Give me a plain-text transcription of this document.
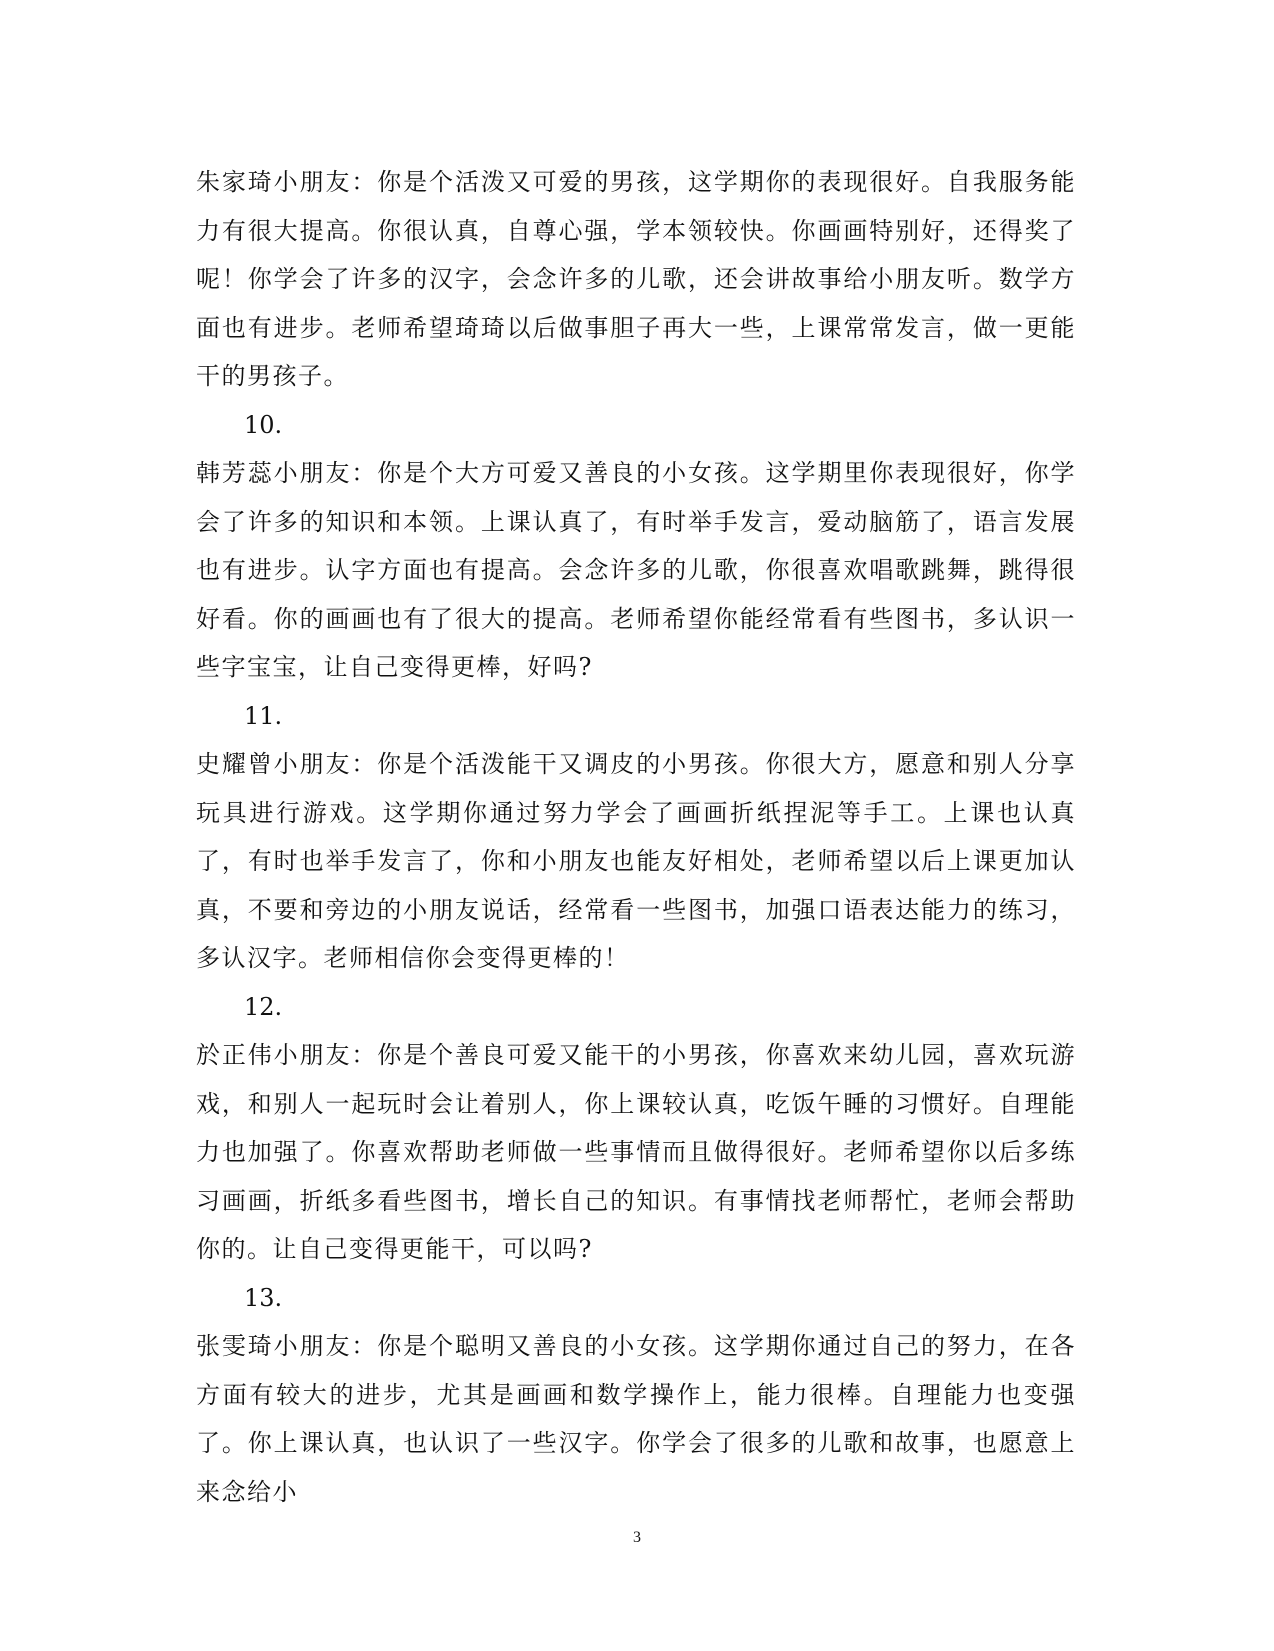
朱家琦小朋友：你是个活泼又可爱的男孩，这学期你的表现很好。自我服务能力有很大提高。你很认真，自尊心强，学本领较快。你画画特别好，还得奖了呢！你学会了许多的汉字，会念许多的儿歌，还会讲故事给小朋友听。数学方面也有进步。老师希望琦琦以后做事胆子再大一些，上课常常发言，做一更能干的男孩子。

10.

韩芳蕊小朋友：你是个大方可爱又善良的小女孩。这学期里你表现很好，你学会了许多的知识和本领。上课认真了，有时举手发言，爱动脑筋了，语言发展也有进步。认字方面也有提高。会念许多的儿歌，你很喜欢唱歌跳舞，跳得很好看。你的画画也有了很大的提高。老师希望你能经常看有些图书，多认识一些字宝宝，让自己变得更棒，好吗?

11.

史耀曾小朋友：你是个活泼能干又调皮的小男孩。你很大方，愿意和别人分享玩具进行游戏。这学期你通过努力学会了画画折纸捏泥等手工。上课也认真了，有时也举手发言了，你和小朋友也能友好相处，老师希望以后上课更加认真，不要和旁边的小朋友说话，经常看一些图书，加强口语表达能力的练习，多认汉字。老师相信你会变得更棒的！

12.

於正伟小朋友：你是个善良可爱又能干的小男孩，你喜欢来幼儿园，喜欢玩游戏，和别人一起玩时会让着别人，你上课较认真，吃饭午睡的习惯好。自理能力也加强了。你喜欢帮助老师做一些事情而且做得很好。老师希望你以后多练习画画，折纸多看些图书，增长自己的知识。有事情找老师帮忙，老师会帮助你的。让自己变得更能干，可以吗?

13.

张雯琦小朋友：你是个聪明又善良的小女孩。这学期你通过自己的努力，在各方面有较大的进步，尤其是画画和数学操作上，能力很棒。自理能力也变强了。你上课认真，也认识了一些汉字。你学会了很多的儿歌和故事，也愿意上来念给小

3
